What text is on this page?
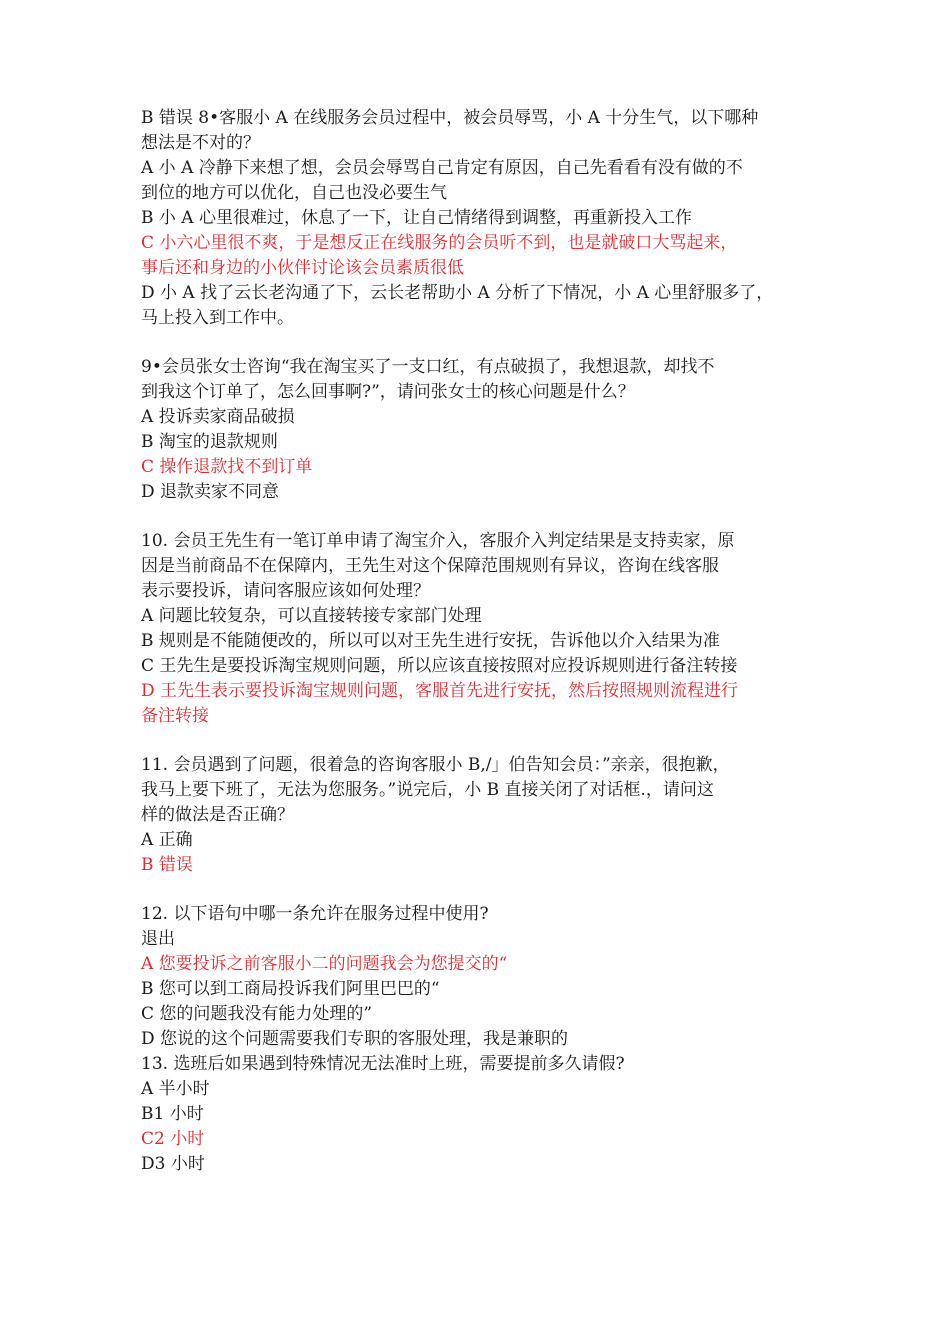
B 错误 8•客服小 A 在线服务会员过程中，被会员辱骂，小 A 十分生气，以下哪种
想法是不对的？
A 小 A 冷静下来想了想，会员会辱骂自己肯定有原因，自己先看看有没有做的不
到位的地方可以优化，自己也没必要生气
B 小 A 心里很难过，休息了一下，让自己情绪得到调整，再重新投入工作
C 小六心里很不爽，于是想反正在线服务的会员听不到，也是就破口大骂起来，
事后还和身边的小伙伴讨论该会员素质很低
D 小 A 找了云长老沟通了下，云长老帮助小 A 分析了下情况，小 A 心里舒服多了，
马上投入到工作中。
9•会员张女士咨询“我在淘宝买了一支口红，有点破损了，我想退款，却找不
到我这个订单了，怎么回事啊?”，请问张女士的核心问题是什么？
A 投诉卖家商品破损
B 淘宝的退款规则
C 操作退款找不到订单
D 退款卖家不同意
10. 会员王先生有一笔订单申请了淘宝介入，客服介入判定结果是支持卖家，原
因是当前商品不在保障内，王先生对这个保障范围规则有异议，咨询在线客服
表示要投诉，请问客服应该如何处理？
A 问题比较复杂，可以直接转接专家部门处理
B 规则是不能随便改的，所以可以对王先生进行安抚，告诉他以介入结果为准
C 王先生是要投诉淘宝规则问题，所以应该直接按照对应投诉规则进行备注转接
D 王先生表示要投诉淘宝规则问题，客服首先进行安抚，然后按照规则流程进行
备注转接
11. 会员遇到了问题，很着急的咨询客服小 B,/」伯告知会员：”亲亲，很抱歉，
我马上要下班了，无法为您服务。”说完后，小 B 直接关闭了对话框.，请问这
样的做法是否正确？
A 正确
B 错误
12. 以下语句中哪一条允许在服务过程中使用?
退出
A 您要投诉之前客服小二的问题我会为您提交的“
B 您可以到工商局投诉我们阿里巴巴的“
C 您的问题我没有能力处理的”
D 您说的这个问题需要我们专职的客服处理，我是兼职的
13. 选班后如果遇到特殊情况无法准时上班，需要提前多久请假?
A 半小时
B1 小时
C2 小时
D3 小时
